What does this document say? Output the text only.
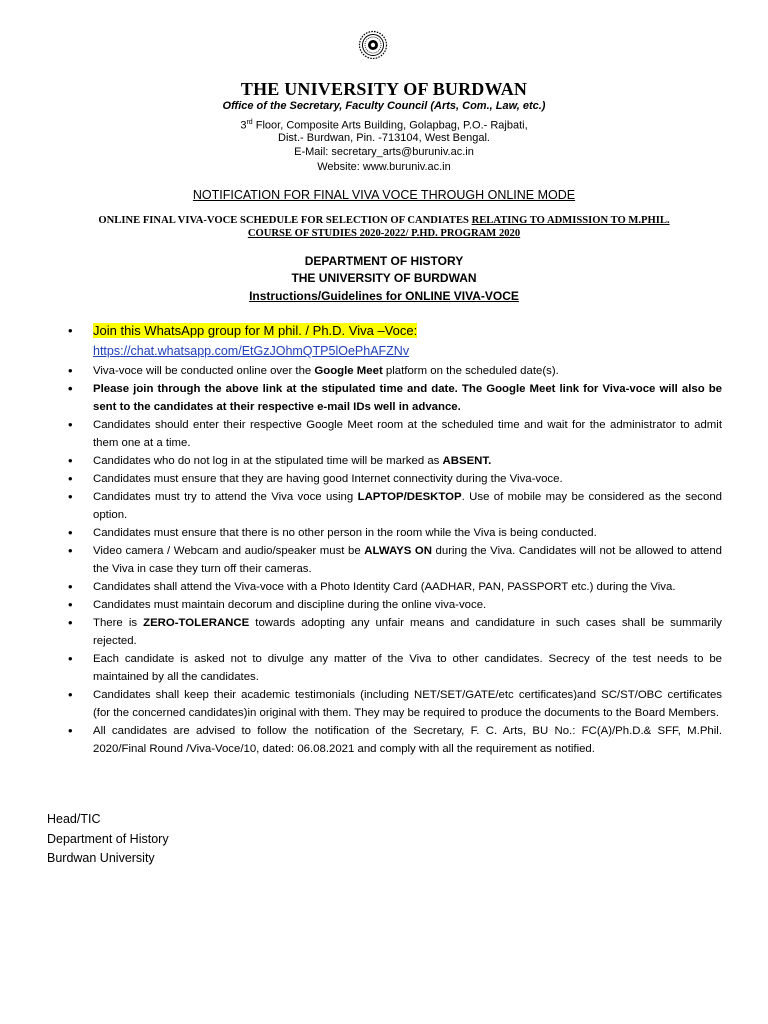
THE UNIVERSITY OF BURDWAN
Office of the Secretary, Faculty Council (Arts, Com., Law, etc.)
3rd Floor, Composite Arts Building, Golapbag, P.O.- Rajbati,
Dist.- Burdwan, Pin. -713104, West Bengal.
E-Mail: secretary_arts@buruniv.ac.in
Website: www.buruniv.ac.in
NOTIFICATION FOR FINAL VIVA VOCE THROUGH ONLINE MODE
ONLINE FINAL VIVA-VOCE SCHEDULE FOR SELECTION OF CANDIATES RELATING TO ADMISSION TO M.PHIL.
COURSE OF STUDIES 2020-2022/ P.HD. PROGRAM 2020
DEPARTMENT OF HISTORY
THE UNIVERSITY OF BURDWAN
Instructions/Guidelines for ONLINE VIVA-VOCE
• Join this WhatsApp group for M phil. / Ph.D. Viva –Voce:
https://chat.whatsapp.com/EtGzJOhmQTP5lOePhAFZNv
• Viva-voce will be conducted online over the Google Meet platform on the scheduled date(s).
• Please join through the above link at the stipulated time and date. The Google Meet link for Viva-voce will also be sent to the candidates at their respective e-mail IDs well in advance.
• Candidates should enter their respective Google Meet room at the scheduled time and wait for the administrator to admit them one at a time.
• Candidates who do not log in at the stipulated time will be marked as ABSENT.
• Candidates must ensure that they are having good Internet connectivity during the Viva-voce.
• Candidates must try to attend the Viva voce using LAPTOP/DESKTOP. Use of mobile may be considered as the second option.
• Candidates must ensure that there is no other person in the room while the Viva is being conducted.
• Video camera / Webcam and audio/speaker must be ALWAYS ON during the Viva. Candidates will not be allowed to attend the Viva in case they turn off their cameras.
• Candidates shall attend the Viva-voce with a Photo Identity Card (AADHAR, PAN, PASSPORT etc.) during the Viva.
• Candidates must maintain decorum and discipline during the online viva-voce.
• There is ZERO-TOLERANCE towards adopting any unfair means and candidature in such cases shall be summarily rejected.
• Each candidate is asked not to divulge any matter of the Viva to other candidates. Secrecy of the test needs to be maintained by all the candidates.
• Candidates shall keep their academic testimonials (including NET/SET/GATE/etc certificates)and SC/ST/OBC certificates (for the concerned candidates)in original with them. They may be required to produce the documents to the Board Members.
• All candidates are advised to follow the notification of the Secretary, F. C. Arts, BU No.: FC(A)/Ph.D.& SFF, M.Phil. 2020/Final Round /Viva-Voce/10, dated: 06.08.2021 and comply with all the requirement as notified.
Head/TIC
Department of History
Burdwan University
